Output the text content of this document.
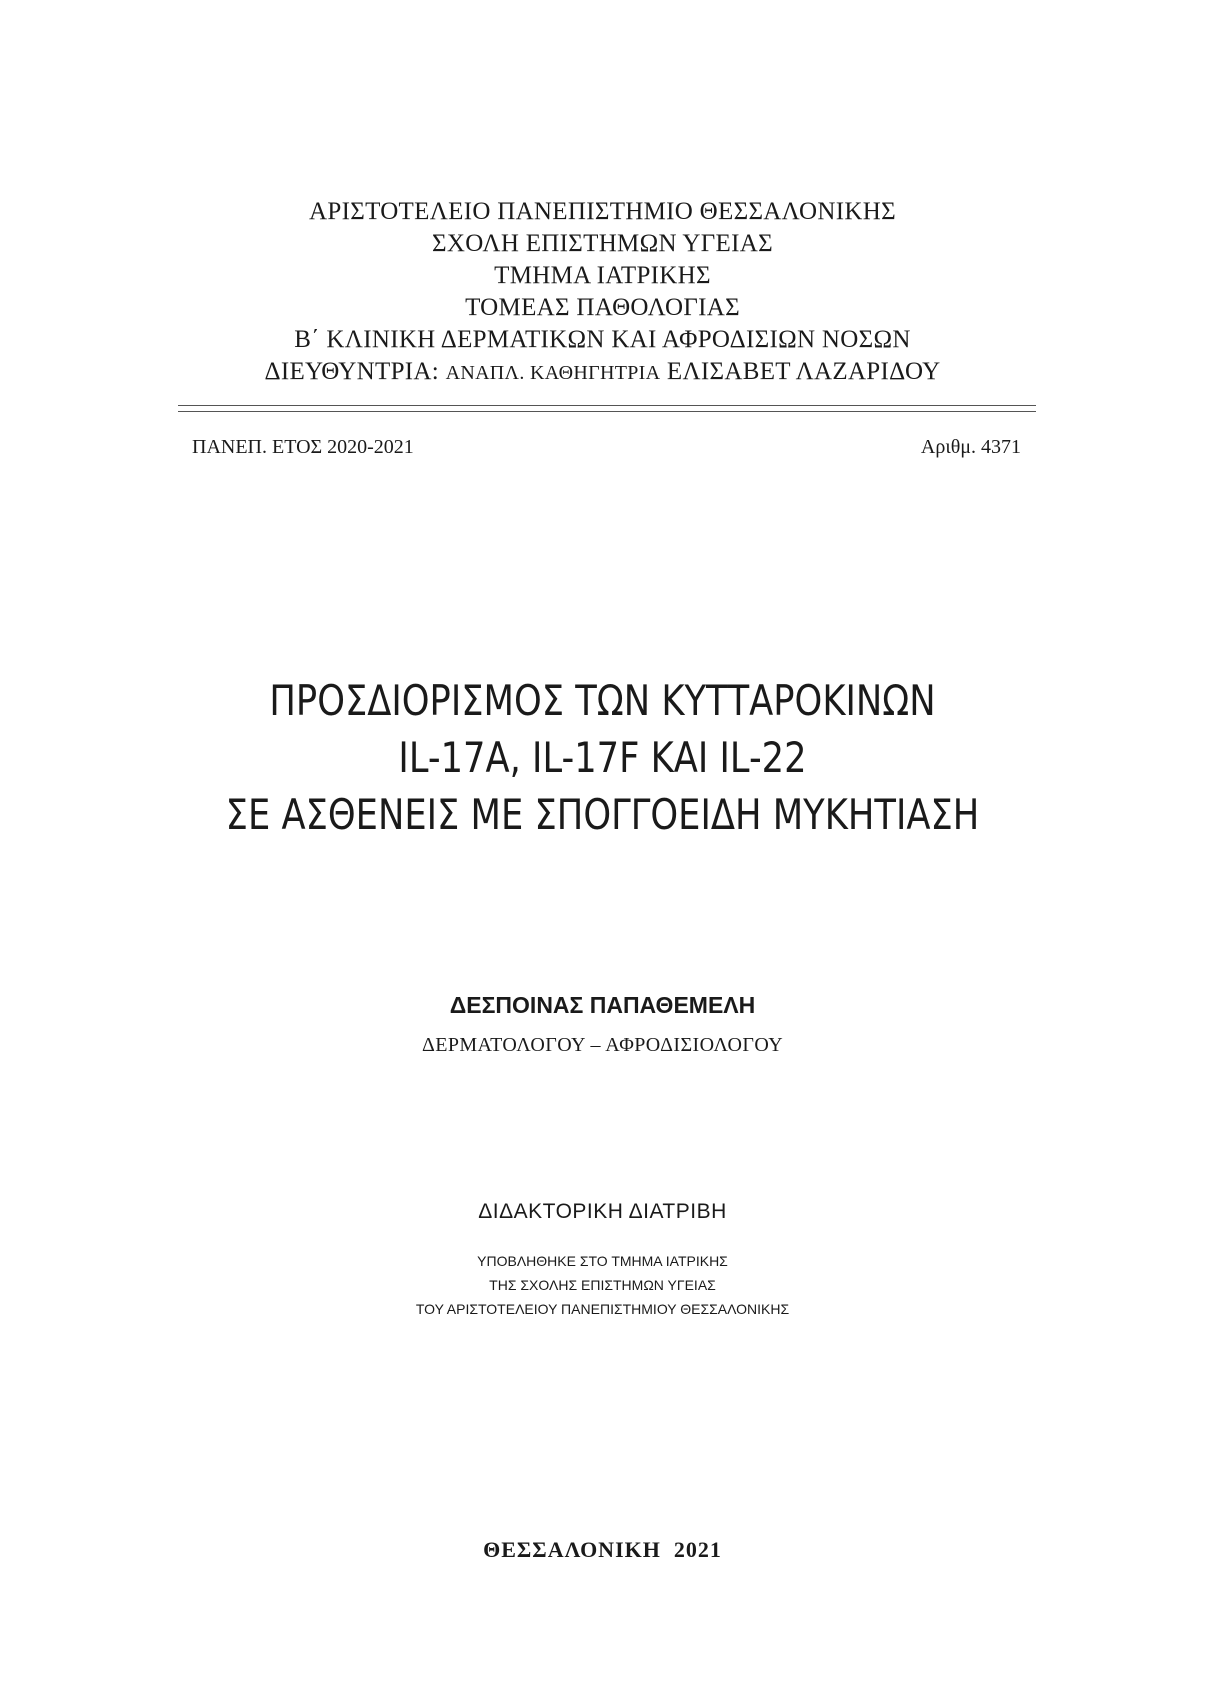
ΑΡΙΣΤΟΤΕΛΕΙΟ ΠΑΝΕΠΙΣΤΗΜΙΟ ΘΕΣΣΑΛΟΝΙΚΗΣ
ΣΧΟΛΗ ΕΠΙΣΤΗΜΩΝ ΥΓΕΙΑΣ
ΤΜΗΜΑ ΙΑΤΡΙΚΗΣ
ΤΟΜΕΑΣ ΠΑΘΟΛΟΓΙΑΣ
Β΄ ΚΛΙΝΙΚΗ ΔΕΡΜΑΤΙΚΩΝ ΚΑΙ ΑΦΡΟΔΙΣΙΩΝ ΝΟΣΩΝ
ΔΙΕΥΘΥΝΤΡΙΑ: ΑΝΑΠΛ. ΚΑΘΗΓΗΤΡΙΑ ΕΛΙΣΑΒΕΤ ΛΑΖΑΡΙΔΟΥ
ΠΑΝΕΠ. ΕΤΟΣ 2020-2021	Αριθμ. 4371
ΠΡΟΣΔΙΟΡΙΣΜΟΣ ΤΩΝ ΚΥΤΤΑΡΟΚΙΝΩΝ
IL-17A, IL-17F ΚΑΙ IL-22
ΣΕ ΑΣΘΕΝΕΙΣ ΜΕ ΣΠΟΓΓΟΕΙΔΗ ΜΥΚΗΤΙΑΣΗ
ΔΕΣΠΟΙΝΑΣ ΠΑΠΑΘΕΜΕΛΗ
ΔΕΡΜΑΤΟΛΟΓΟΥ – ΑΦΡΟΔΙΣΙΟΛΟΓΟΥ
ΔΙΔΑΚΤΟΡΙΚΗ ΔΙΑΤΡΙΒΗ
ΥΠΟΒΛΗΘΗΚΕ ΣΤΟ ΤΜΗΜΑ ΙΑΤΡΙΚΗΣ
ΤΗΣ ΣΧΟΛΗΣ ΕΠΙΣΤΗΜΩΝ ΥΓΕΙΑΣ
ΤΟΥ ΑΡΙΣΤΟΤΕΛΕΙΟΥ ΠΑΝΕΠΙΣΤΗΜΙΟΥ ΘΕΣΣΑΛΟΝΙΚΗΣ
ΘΕΣΣΑΛΟΝΙΚΗ  2021
